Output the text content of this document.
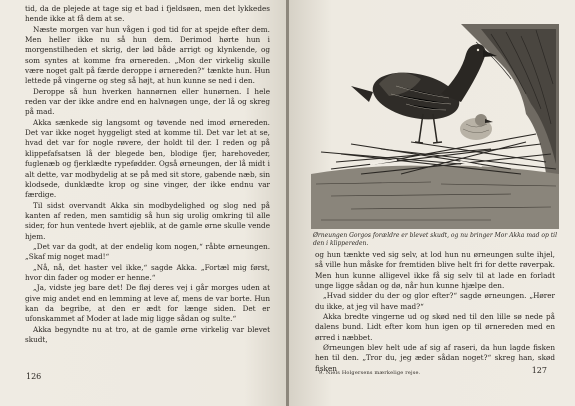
tid, da de plejede at tage sig et bad i fjeldsøen, men det lykkedes hende ikke at få dem at se.

Næste morgen var hun vågen i god tid for at spejde efter dem. Men heller ikke nu så hun dem. Derimod hørte hun i morgenstilheden et skrig, der lød både arrigt og klynkende, og som syntes at komme fra ørnereden. „Mon der virkelig skulle være noget galt på færde deroppe i ørnereden?“ tænkte hun. Hun lettede på vingerne og steg så højt, at hun kunne se ned i den.

Deroppe så hun hverken hannørnen eller hunørnen. I hele reden var der ikke andre end en halvnøgen unge, der lå og skreg på mad.

Akka sænkede sig langsomt og tøvende ned imod ørnereden. Det var ikke noget hyggeligt sted at komme til. Det var let at se, hvad det var for nogle røvere, der holdt til der. I reden og på klippefafsatsen lå der blegede ben, blodige fjer, harehoveder, fuglenæb og fjerklædte rypefødder. Også ørneungen, der lå midt i alt dette, var modbydelig at se på med sit store, gabende næb, sin klodsede, dunklædte krop og sine vinger, der ikke endnu var færdige.

Til sidst overvandt Akka sin modbydelighed og slog ned på kanten af reden, men samtidig så hun sig urolig omkring til alle sider, for hun ventede hvert øjeblik, at de gamle ørne skulle vende hjem.

„Det var da godt, at der endelig kom nogen,“ råbte ørneungen. „Skaf mig noget mad!“

„Nå, nå, det haster vel ikke,“ sagde Akka. „Fortæl mig først, hvor din fader og moder er henne.“

„Ja, vidste jeg bare det! De fløj deres vej i går morges uden at give mig andet end en lemming at leve af, mens de var borte. Hun kan da begribe, at den er ædt for længe siden. Det er ufonskammet af Moder at lade mig ligge sådan og sulte.“

Akka begyndte nu at tro, at de gamle ørne virkelig var blevet skudt,

126
Ørneungen Gorgos forældre er blevet skudt, og nu bringer Mor Akka mad op til den i klippereden.

og hun tænkte ved sig selv, at lod hun nu ørneungen sulte ihjel, så ville hun måske for fremtiden blive helt fri for dette røverpak. Men hun kunne alligevel ikke få sig selv til at lade en forladt unge ligge sådan og dø, når hun kunne hjælpe den.

„Hvad sidder du der og glor efter?“ sagde ørneungen. „Hører du ikke, at jeg vil have mad?“

Akka bredte vingerne ud og skød ned til den lille sø nede på dalens bund. Lidt efter kom hun igen op til ørnereden med en ørred i næbbet.

Ørneungen blev helt ude af sig af raseri, da hun lagde fisken hen til den. „Tror du, jeg æder sådan noget?“ skreg han, skød fisken

9. Niels Holgersens mærkelige rejse.	127
